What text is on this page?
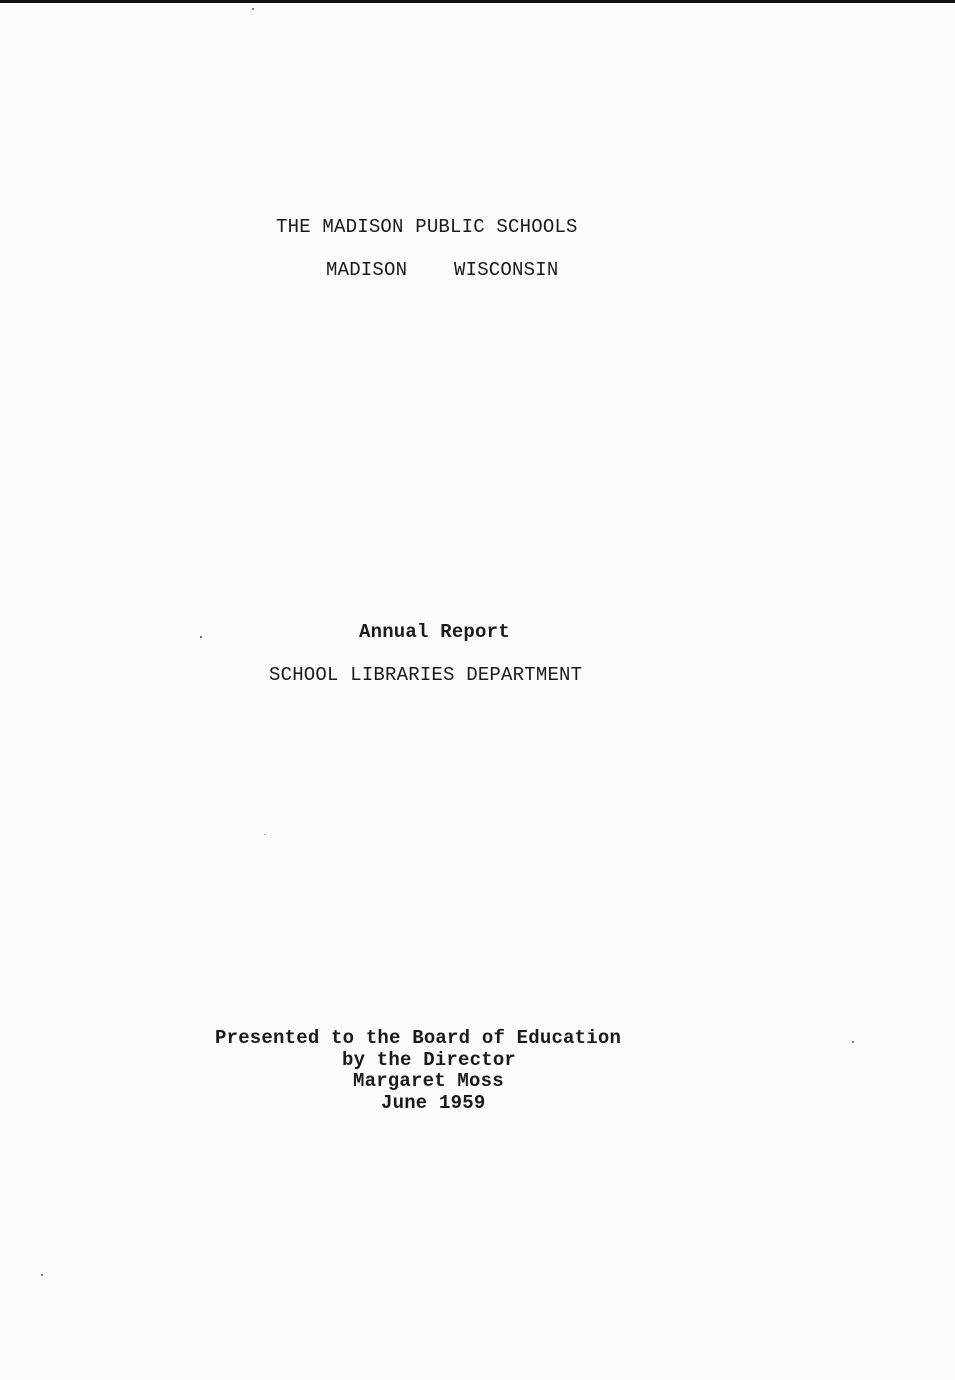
THE MADISON PUBLIC SCHOOLS
MADISON WISCONSIN
Annual Report
SCHOOL LIBRARIES DEPARTMENT
Presented to the Board of Education
by the Director
Margaret Moss
June 1959
